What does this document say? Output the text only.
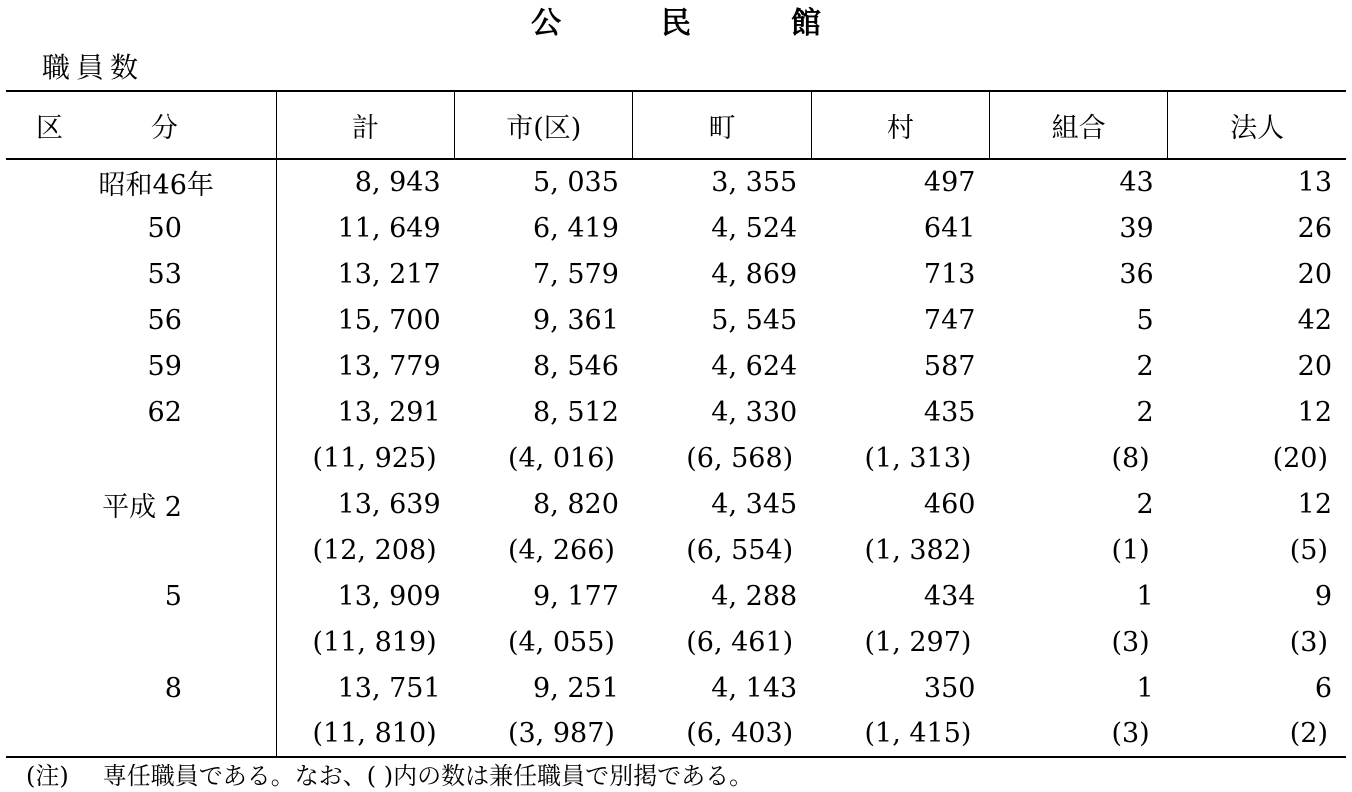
公民館
職員数
区分	計	市(区)	町	村	組合	法人
昭和46年	8, 943	5, 035	3, 355	497	43	13
50	11, 649	6, 419	4, 524	641	39	26
53	13, 217	7, 579	4, 869	713	36	20
56	15, 700	9, 361	5, 545	747	5	42
59	13, 779	8, 546	4, 624	587	2	20
62	13, 291	8, 512	4, 330	435	2	12
	(11, 925)	(4, 016)	(6, 568)	(1, 313)	(8)	(20)
平成 2	13, 639	8, 820	4, 345	460	2	12
	(12, 208)	(4, 266)	(6, 554)	(1, 382)	(1)	(5)
5	13, 909	9, 177	4, 288	434	1	9
	(11, 819)	(4, 055)	(6, 461)	(1, 297)	(3)	(3)
8	13, 751	9, 251	4, 143	350	1	6
	(11, 810)	(3, 987)	(6, 403)	(1, 415)	(3)	(2)
(注) 専任職員である。なお、( )内の数は兼任職員で別掲である。
